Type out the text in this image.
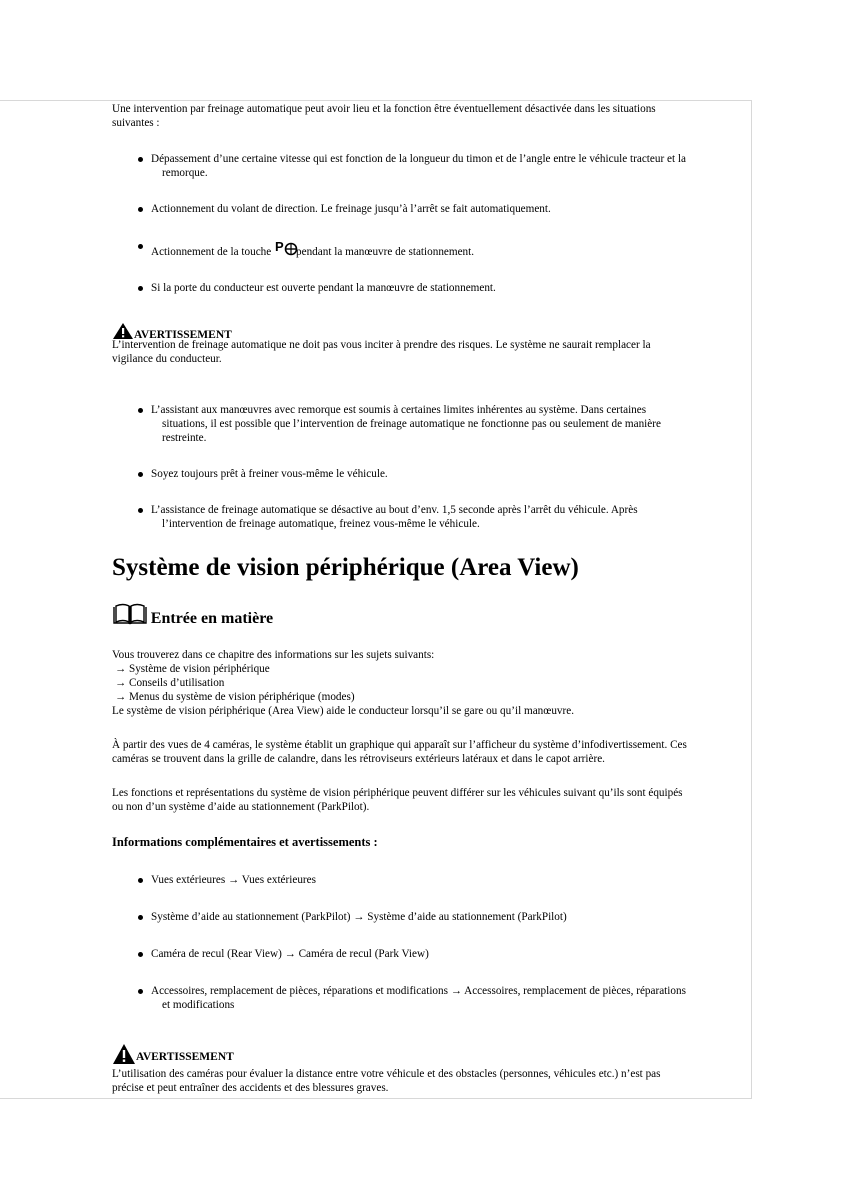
Une intervention par freinage automatique peut avoir lieu et la fonction être éventuellement désactivée dans les situations
suivantes :
Dépassement d’une certaine vitesse qui est fonction de la longueur du timon et de l’angle entre le véhicule tracteur et la
remorque.
Actionnement du volant de direction. Le freinage jusqu’à l’arrêt se fait automatiquement.
Actionnement de la touche P pendant la manœuvre de stationnement.
Si la porte du conducteur est ouverte pendant la manœuvre de stationnement.
AVERTISSEMENT
L’intervention de freinage automatique ne doit pas vous inciter à prendre des risques. Le système ne saurait remplacer la
vigilance du conducteur.
L’assistant aux manœuvres avec remorque est soumis à certaines limites inhérentes au système. Dans certaines
situations, il est possible que l’intervention de freinage automatique ne fonctionne pas ou seulement de manière
restreinte.
Soyez toujours prêt à freiner vous-même le véhicule.
L’assistance de freinage automatique se désactive au bout d’env. 1,5 seconde après l’arrêt du véhicule. Après
l’intervention de freinage automatique, freinez vous-même le véhicule.
Système de vision périphérique (Area View)
Entrée en matière
Vous trouverez dans ce chapitre des informations sur les sujets suivants:
→ Système de vision périphérique
→ Conseils d’utilisation
→ Menus du système de vision périphérique (modes)
Le système de vision périphérique (Area View) aide le conducteur lorsqu’il se gare ou qu’il manœuvre.
À partir des vues de 4 caméras, le système établit un graphique qui apparaît sur l’afficheur du système d’infodivertissement. Ces
caméras se trouvent dans la grille de calandre, dans les rétroviseurs extérieurs latéraux et dans le capot arrière.
Les fonctions et représentations du système de vision périphérique peuvent différer sur les véhicules suivant qu’ils sont équipés
ou non d’un système d’aide au stationnement (ParkPilot).
Informations complémentaires et avertissements :
Vues extérieures → Vues extérieures
Système d’aide au stationnement (ParkPilot) → Système d’aide au stationnement (ParkPilot)
Caméra de recul (Rear View) → Caméra de recul (Park View)
Accessoires, remplacement de pièces, réparations et modifications → Accessoires, remplacement de pièces, réparations
et modifications
AVERTISSEMENT
L’utilisation des caméras pour évaluer la distance entre votre véhicule et des obstacles (personnes, véhicules etc.) n’est pas
précise et peut entraîner des accidents et des blessures graves.
